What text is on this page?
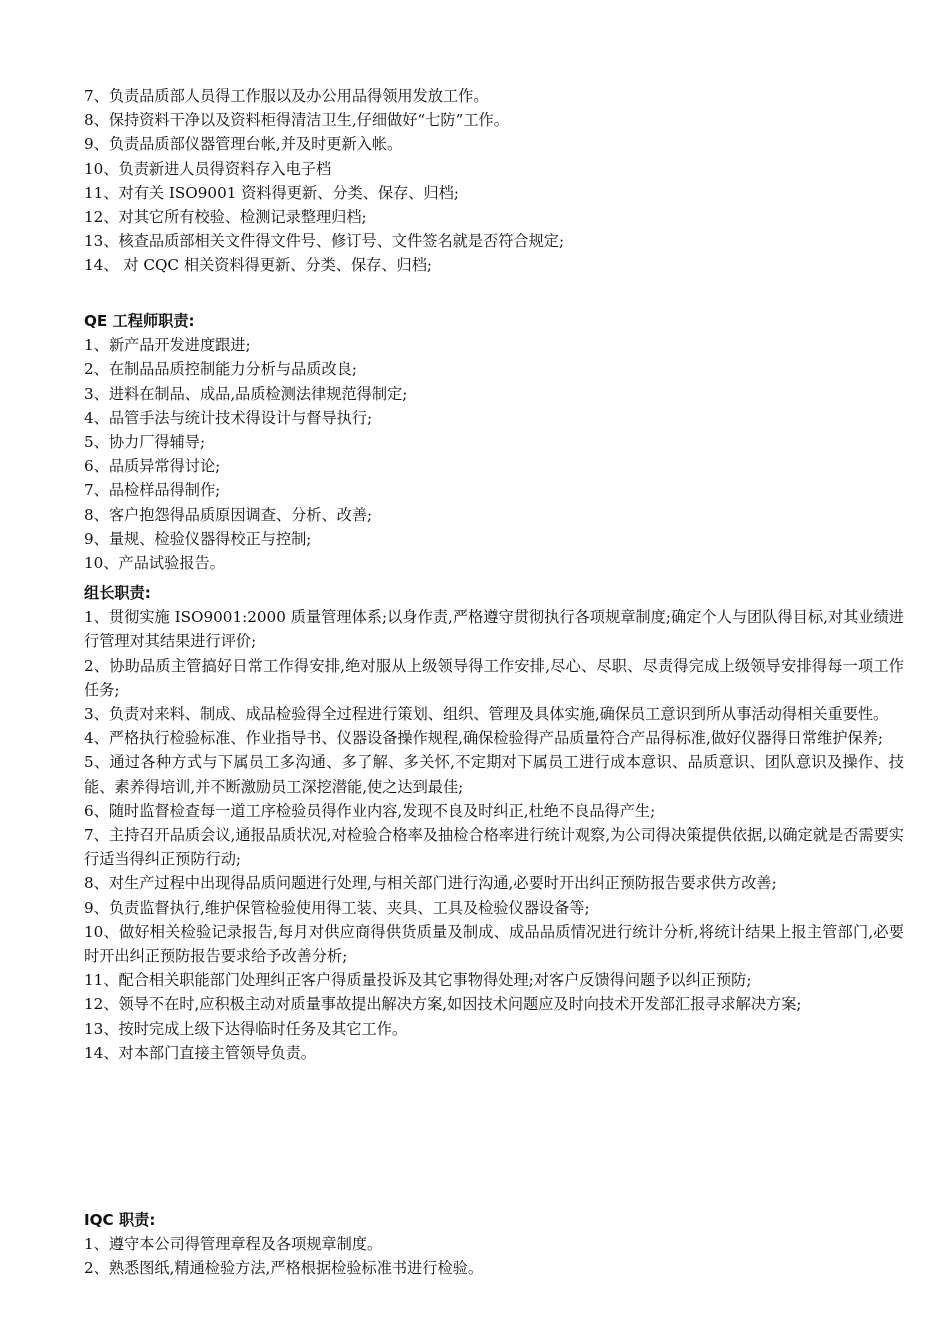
7、负责品质部人员得工作服以及办公用品得领用发放工作。
8、保持资料干净以及资料柜得清洁卫生,仔细做好“七防”工作。
9、负责品质部仪器管理台帐,并及时更新入帐。
10、负责新进人员得资料存入电子档
11、对有关 ISO9001 资料得更新、分类、保存、归档;
12、对其它所有校验、检测记录整理归档;
13、核查品质部相关文件得文件号、修订号、文件签名就是否符合规定;
14、 对 CQC 相关资料得更新、分类、保存、归档;
QE 工程师职责:
1、新产品开发进度跟进;
2、在制品品质控制能力分析与品质改良;
3、进料在制品、成品,品质检测法律规范得制定;
4、品管手法与统计技术得设计与督导执行;
5、协力厂得辅导;
6、品质异常得讨论;
7、品检样品得制作;
8、客户抱怨得品质原因调查、分析、改善;
9、量规、检验仪器得校正与控制;
10、产品试验报告。
组长职责:
1、贯彻实施 ISO9001:2000 质量管理体系;以身作责,严格遵守贯彻执行各项规章制度;确定个人与团队得目标,对其业绩进行管理对其结果进行评价;
2、协助品质主管搞好日常工作得安排,绝对服从上级领导得工作安排,尽心、尽职、尽责得完成上级领导安排得每一项工作任务;
3、负责对来料、制成、成品检验得全过程进行策划、组织、管理及具体实施,确保员工意识到所从事活动得相关重要性。
4、严格执行检验标准、作业指导书、仪器设备操作规程,确保检验得产品质量符合产品得标准,做好仪器得日常维护保养;
5、通过各种方式与下属员工多沟通、多了解、多关怀,不定期对下属员工进行成本意识、品质意识、团队意识及操作、技能、素养得培训,并不断激励员工深挖潜能,使之达到最佳;
6、随时监督检查每一道工序检验员得作业内容,发现不良及时纠正,杜绝不良品得产生;
7、主持召开品质会议,通报品质状况,对检验合格率及抽检合格率进行统计观察,为公司得决策提供依据,以确定就是否需要实行适当得纠正预防行动;
8、对生产过程中出现得品质问题进行处理,与相关部门进行沟通,必要时开出纠正预防报告要求供方改善;
9、负责监督执行,维护保管检验使用得工装、夹具、工具及检验仪器设备等;
10、做好相关检验记录报告,每月对供应商得供货质量及制成、成品品质情况进行统计分析,将统计结果上报主管部门,必要时开出纠正预防报告要求给予改善分析;
11、配合相关职能部门处理纠正客户得质量投诉及其它事物得处理;对客户反馈得问题予以纠正预防;
12、领导不在时,应积极主动对质量事故提出解决方案,如因技术问题应及时向技术开发部汇报寻求解决方案;
13、按时完成上级下达得临时任务及其它工作。
14、对本部门直接主管领导负责。
IQC 职责:
1、遵守本公司得管理章程及各项规章制度。
2、熟悉图纸,精通检验方法,严格根据检验标准书进行检验。
